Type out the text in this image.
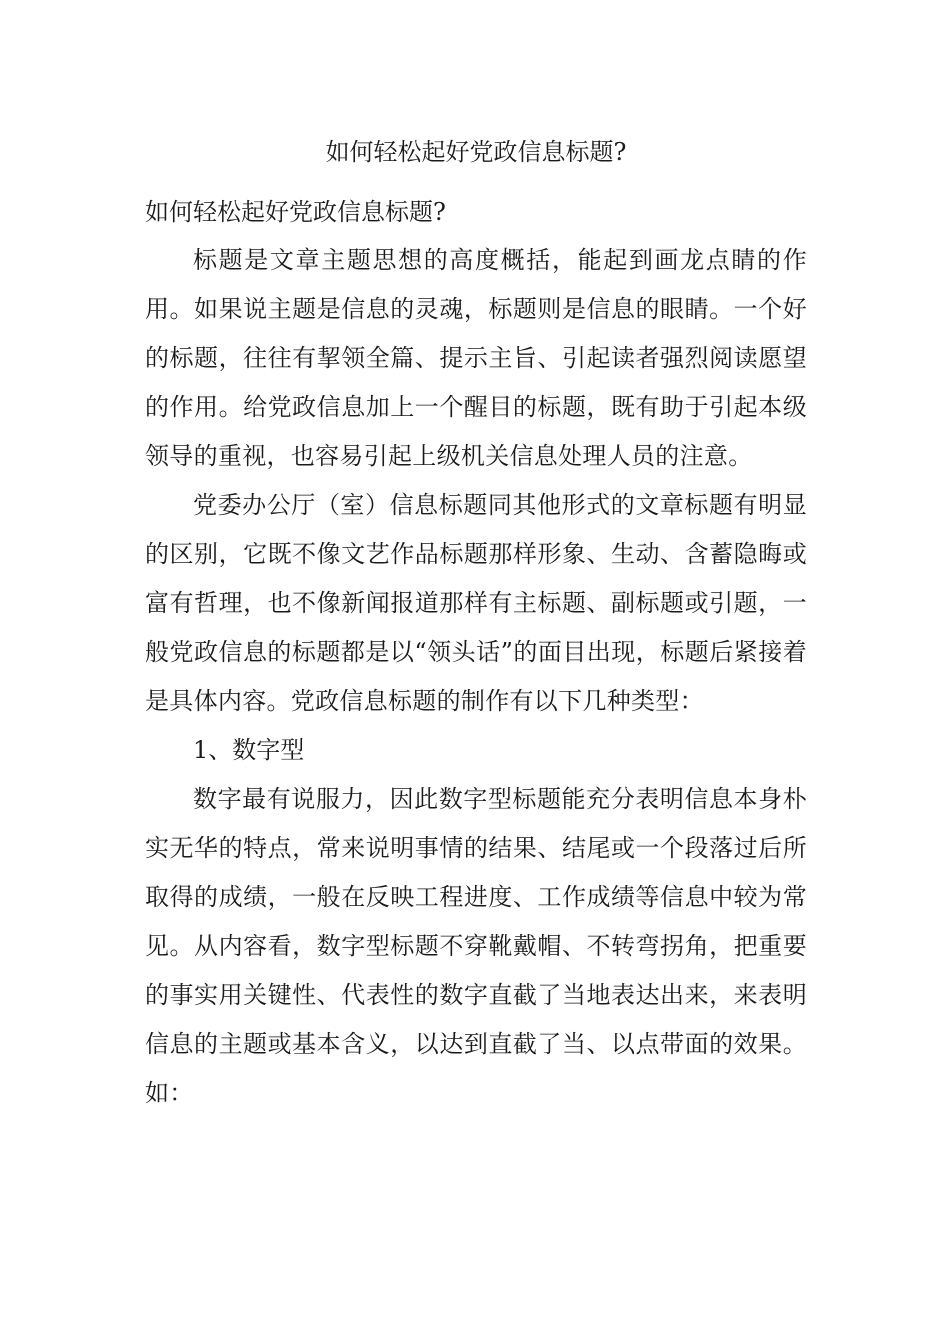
如何轻松起好党政信息标题?

如何轻松起好党政信息标题?

标题是文章主题思想的高度概括，能起到画龙点睛的作用。如果说主题是信息的灵魂，标题则是信息的眼睛。一个好的标题，往往有挈领全篇、提示主旨、引起读者强烈阅读愿望的作用。给党政信息加上一个醒目的标题，既有助于引起本级领导的重视，也容易引起上级机关信息处理人员的注意。

党委办公厅（室）信息标题同其他形式的文章标题有明显的区别，它既不像文艺作品标题那样形象、生动、含蓄隐晦或富有哲理，也不像新闻报道那样有主标题、副标题或引题，一般党政信息的标题都是以“领头话”的面目出现，标题后紧接着是具体内容。党政信息标题的制作有以下几种类型：

1、数字型

数字最有说服力，因此数字型标题能充分表明信息本身朴实无华的特点，常来说明事情的结果、结尾或一个段落过后所取得的成绩，一般在反映工程进度、工作成绩等信息中较为常见。从内容看，数字型标题不穿靴戴帽、不转弯拐角，把重要的事实用关键性、代表性的数字直截了当地表达出来，来表明信息的主题或基本含义，以达到直截了当、以点带面的效果。如：
